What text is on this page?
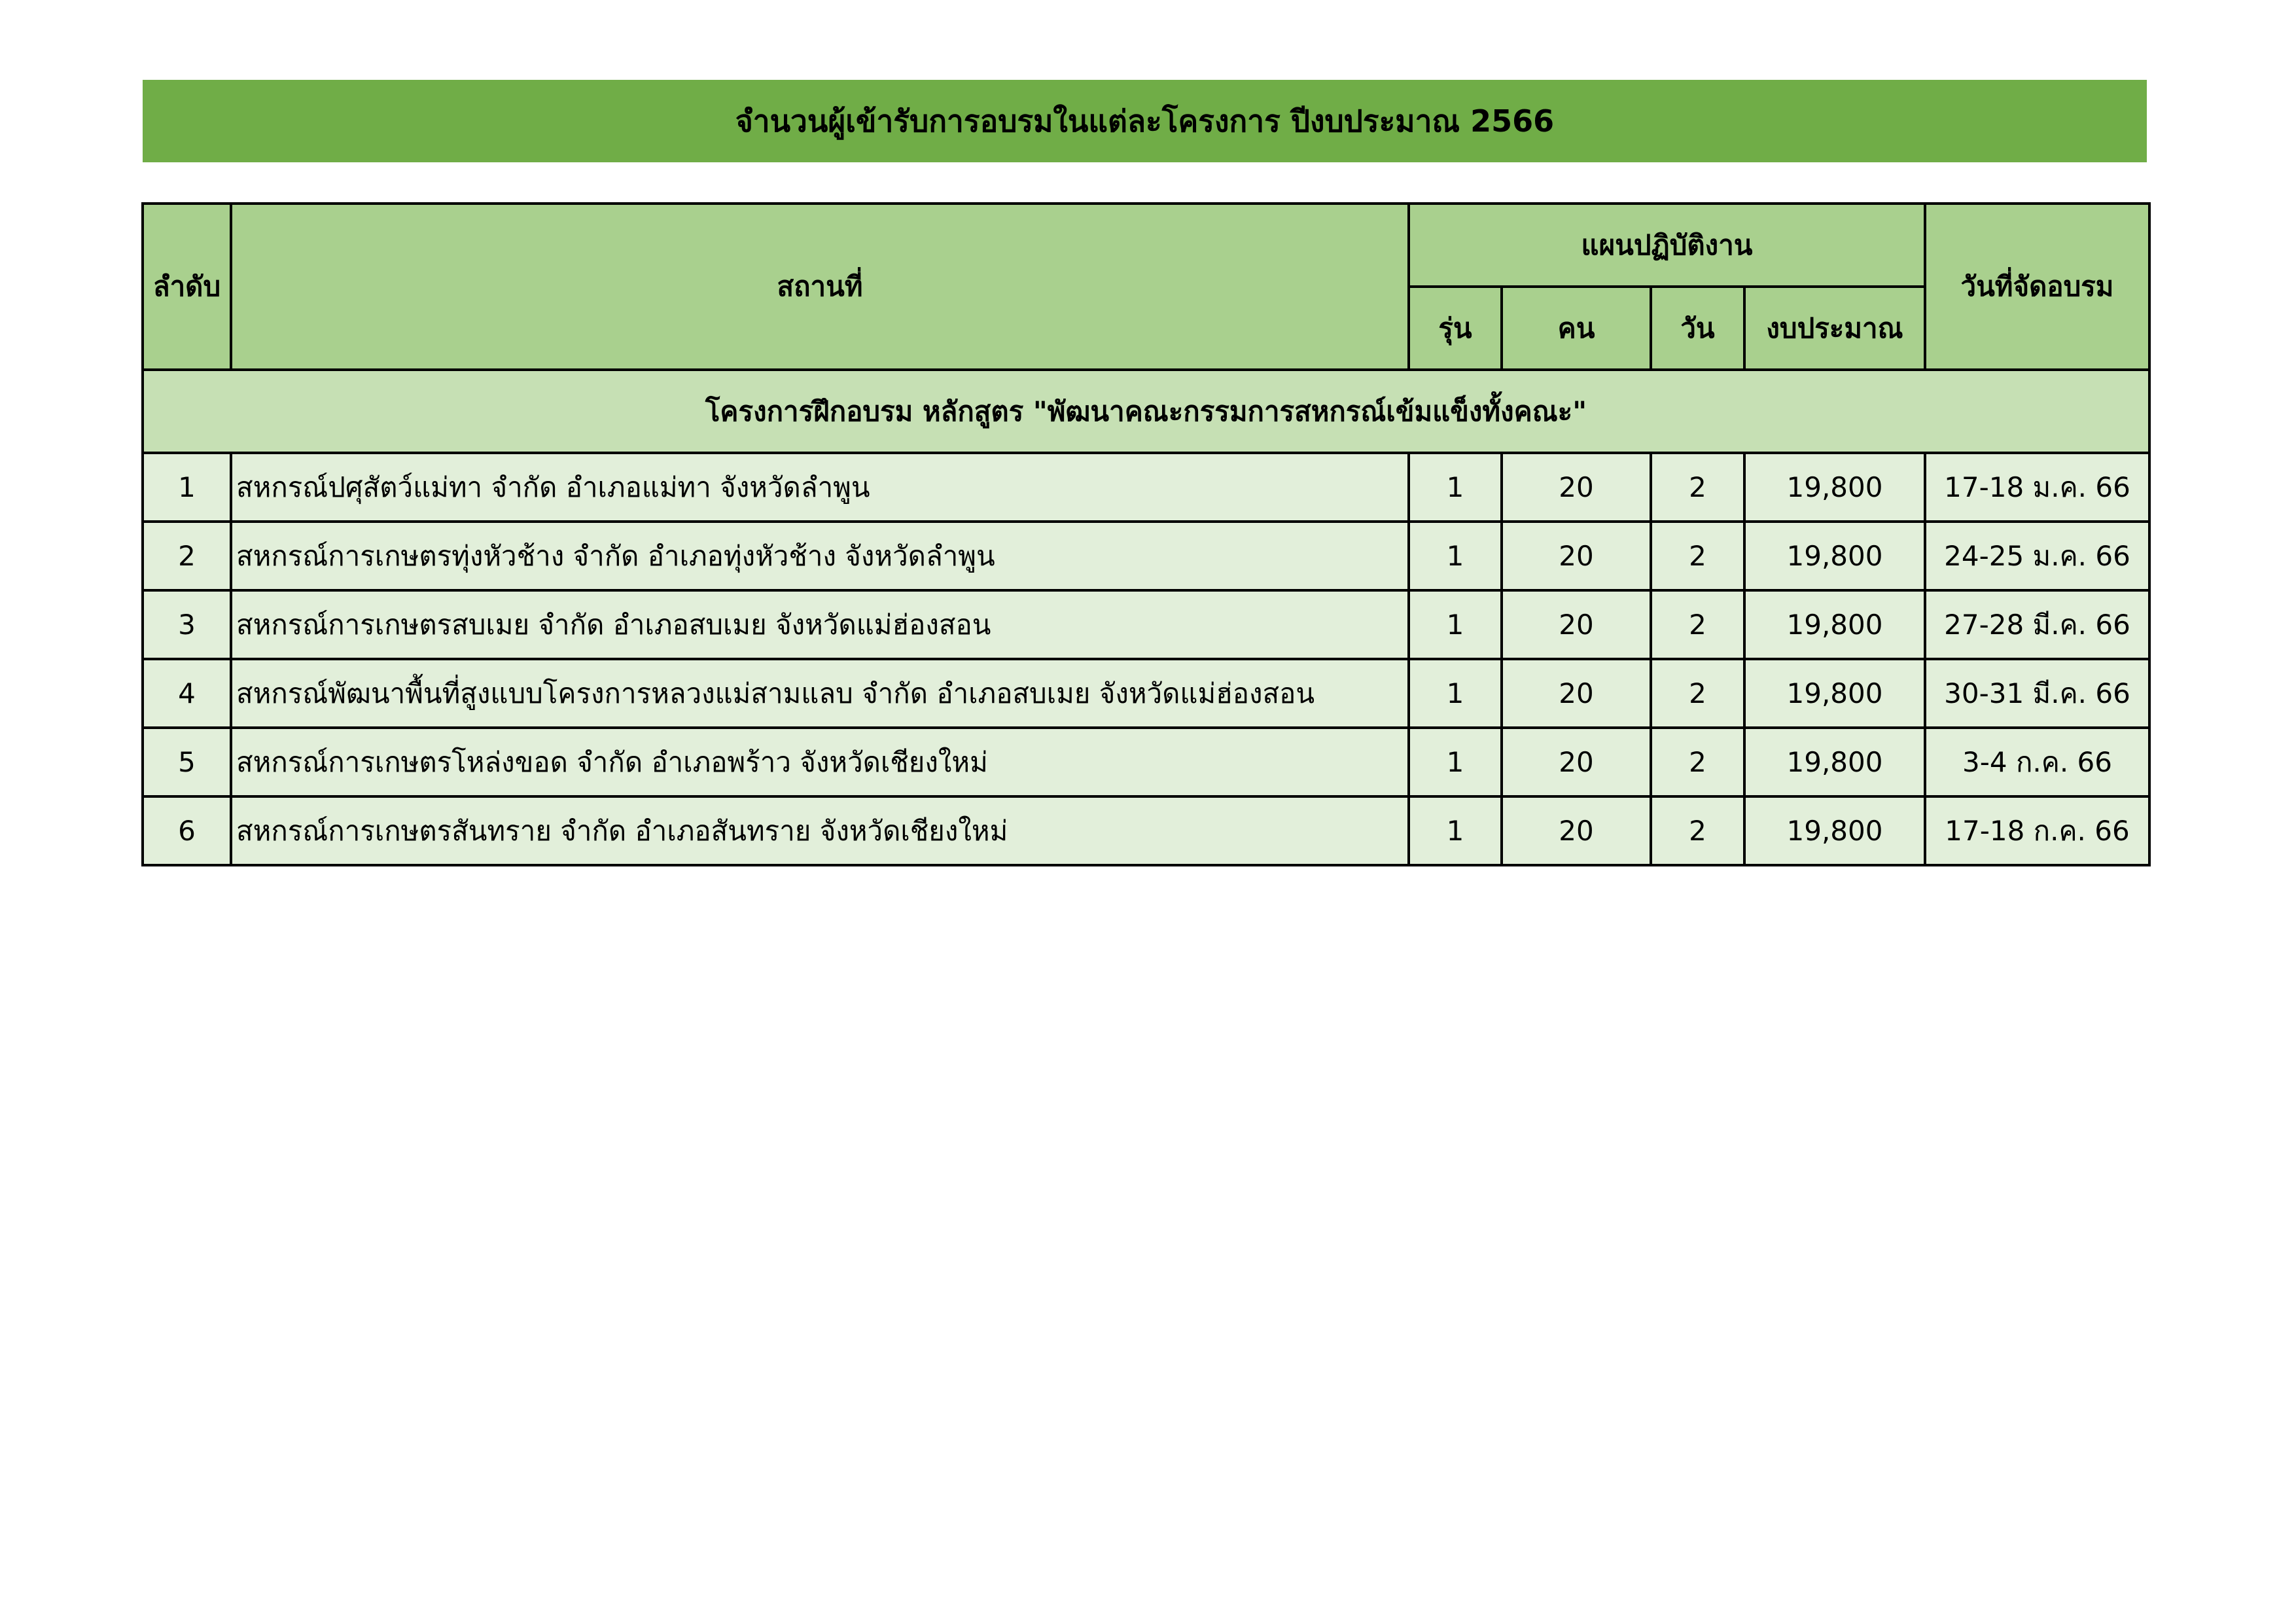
จำนวนผู้เข้ารับการอบรมในแต่ละโครงการ ปีงบประมาณ 2566
ลำดับ	สถานที่	แผนปฏิบัติงาน				วันที่จัดอบรม
		รุ่น	คน	วัน	งบประมาณ	
โครงการฝึกอบรม หลักสูตร "พัฒนาคณะกรรมการสหกรณ์เข้มแข็งทั้งคณะ"						
1	สหกรณ์ปศุสัตว์แม่ทา จำกัด อำเภอแม่ทา จังหวัดลำพูน	1	20	2	19,800	17-18 ม.ค. 66
2	สหกรณ์การเกษตรทุ่งหัวช้าง จำกัด อำเภอทุ่งหัวช้าง จังหวัดลำพูน	1	20	2	19,800	24-25 ม.ค. 66
3	สหกรณ์การเกษตรสบเมย จำกัด อำเภอสบเมย จังหวัดแม่ฮ่องสอน	1	20	2	19,800	27-28 มี.ค. 66
4	สหกรณ์พัฒนาพื้นที่สูงแบบโครงการหลวงแม่สามแลบ จำกัด อำเภอสบเมย จังหวัดแม่ฮ่องสอน	1	20	2	19,800	30-31 มี.ค. 66
5	สหกรณ์การเกษตรโหล่งขอด จำกัด อำเภอพร้าว จังหวัดเชียงใหม่	1	20	2	19,800	3-4 ก.ค. 66
6	สหกรณ์การเกษตรสันทราย จำกัด อำเภอสันทราย จังหวัดเชียงใหม่	1	20	2	19,800	17-18 ก.ค. 66
